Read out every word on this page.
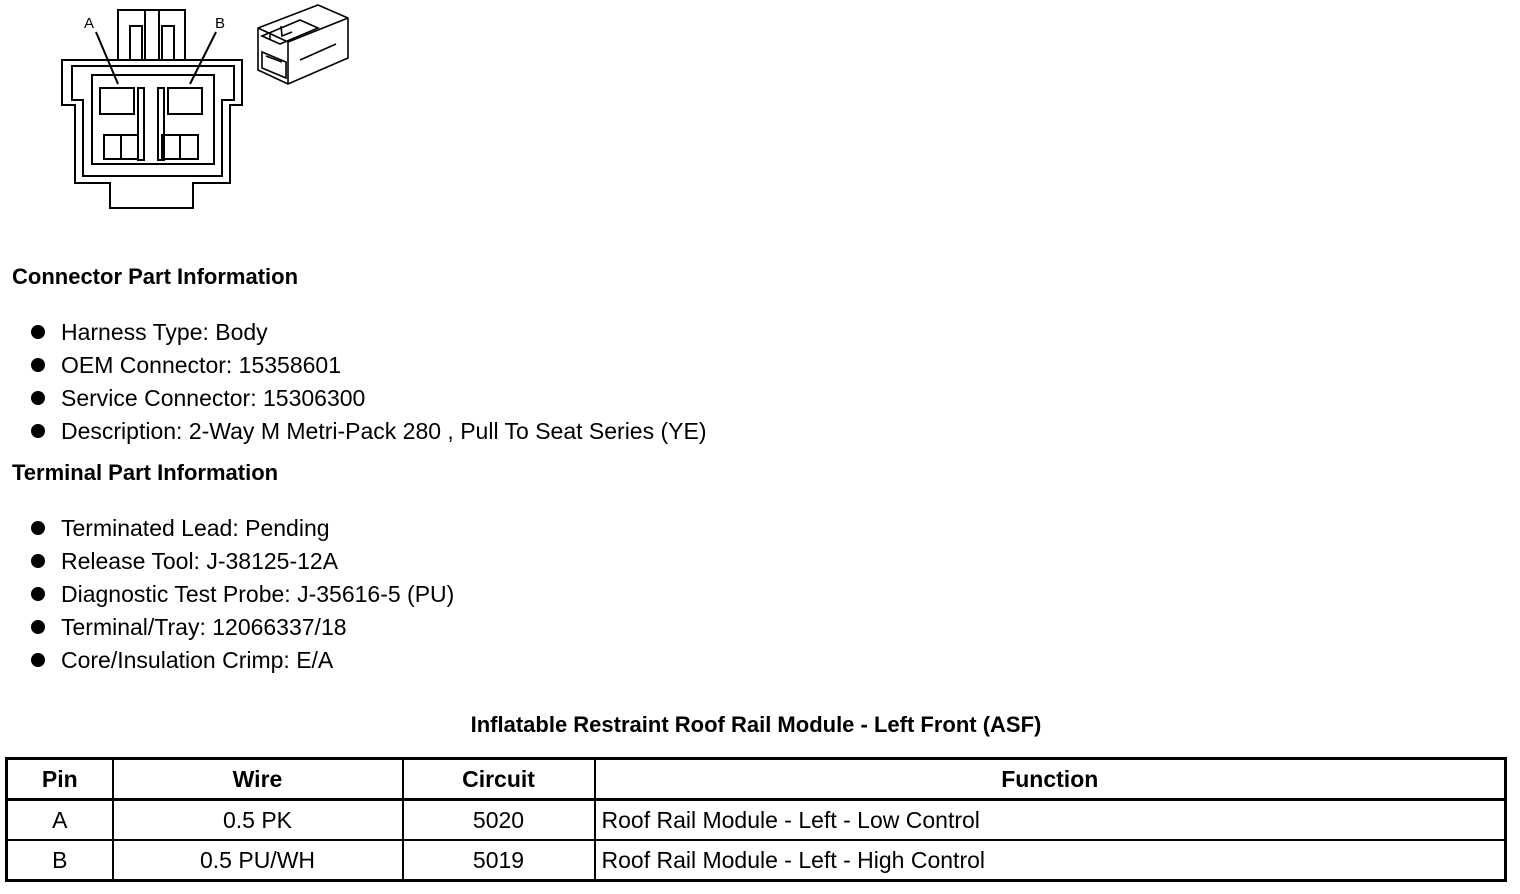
A	B
Connector Part Information
Harness Type: Body
OEM Connector: 15358601
Service Connector: 15306300
Description: 2-Way M Metri-Pack 280 , Pull To Seat Series (YE)
Terminal Part Information
Terminated Lead: Pending
Release Tool: J-38125-12A
Diagnostic Test Probe: J-35616-5 (PU)
Terminal/Tray: 12066337/18
Core/Insulation Crimp: E/A
Inflatable Restraint Roof Rail Module - Left Front (ASF)
Pin	Wire	Circuit	Function
A	0.5 PK	5020	Roof Rail Module - Left - Low Control
B	0.5 PU/WH	5019	Roof Rail Module - Left - High Control
